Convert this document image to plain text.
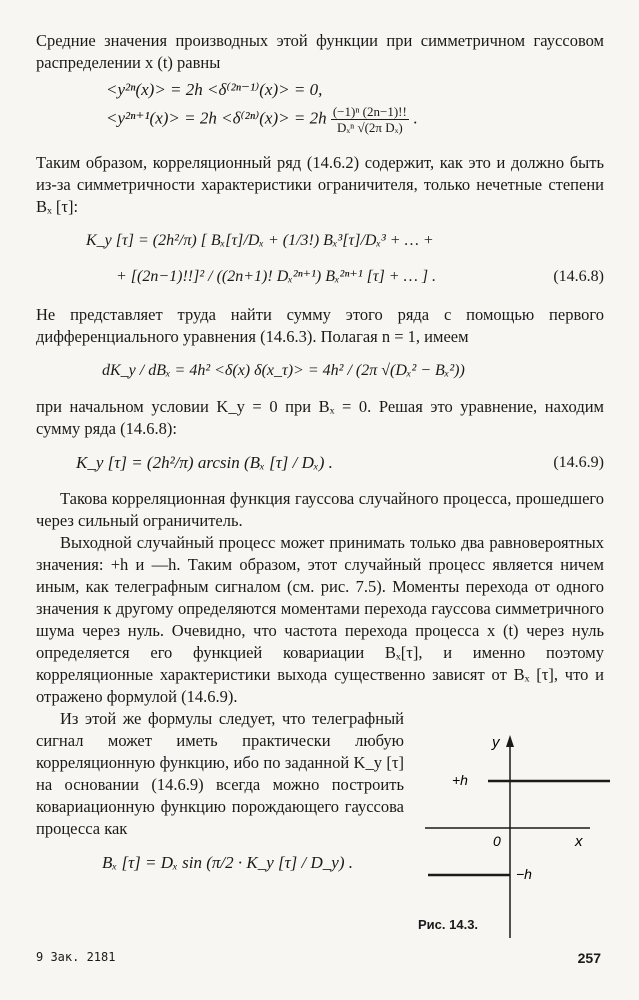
Средние значения производных этой функции при симметричном гауссовом распределении x (t) равны

<y²ⁿ(x)> = 2h <δ⁽²ⁿ⁻¹⁾(x)> = 0,
$<y^{2n+1}(x)> = 2h <\delta^{(2n)}(x)> = 2h \frac{\text{(−1)ⁿ (2n−1)!!}}{\text{Dₓⁿ √(2π Dₓ)}}$ .

Таким образом, корреляционный ряд (14.6.2) содержит, как это и должно быть из-за симметричности характеристики ограничителя, только нечетные степени Bₓ [τ]:

K_y [τ] = (2h²/π) [ Bₓ[τ]/Dₓ + (1/3!) Bₓ³[τ]/Dₓ³ + … +
+ [(2n−1)!!]² / ((2n+1)! Dₓ²ⁿ⁺¹) Bₓ²ⁿ⁺¹ [τ] + … ] .	(14.6.8)

Не представляет труда найти сумму этого ряда с помощью первого дифференциального уравнения (14.6.3). Полагая n = 1, имеем

dK_y / dBₓ = 4h² <δ(x) δ(x_τ)> = 4h² / (2π √(Dₓ² − Bₓ²))

при начальном условии K_y = 0 при Bₓ = 0. Решая это уравнение, находим сумму ряда (14.6.8):

K_y [τ] = (2h²/π) arcsin (Bₓ [τ] / Dₓ) .	(14.6.9)

Такова корреляционная функция гауссова случайного процесса, прошедшего через сильный ограничитель.

Выходной случайный процесс может принимать только два равновероятных значения: +h и —h. Таким образом, этот случайный процесс является ничем иным, как телеграфным сигналом (см. рис. 7.5). Моменты перехода от одного значения к другому определяются моментами перехода гауссова симметричного шума через нуль. Очевидно, что частота перехода процесса x (t) через нуль определяется его функцией ковариации Bₓ[τ], и именно поэтому корреляционные характеристики выхода существенно зависят от Bₓ [τ], что и отражено формулой (14.6.9).

Из этой же формулы следует, что телеграфный сигнал может иметь практически любую корреляционную функцию, ибо по заданной K_y [τ] на основании (14.6.9) всегда можно построить ковариационную функцию порождающего гауссова процесса как

Bₓ [τ] = Dₓ sin (π/2 · K_y [τ] / D_y) .
y
x
+h
−h
0
Рис. 14.3.
9 Зак. 2181	257
